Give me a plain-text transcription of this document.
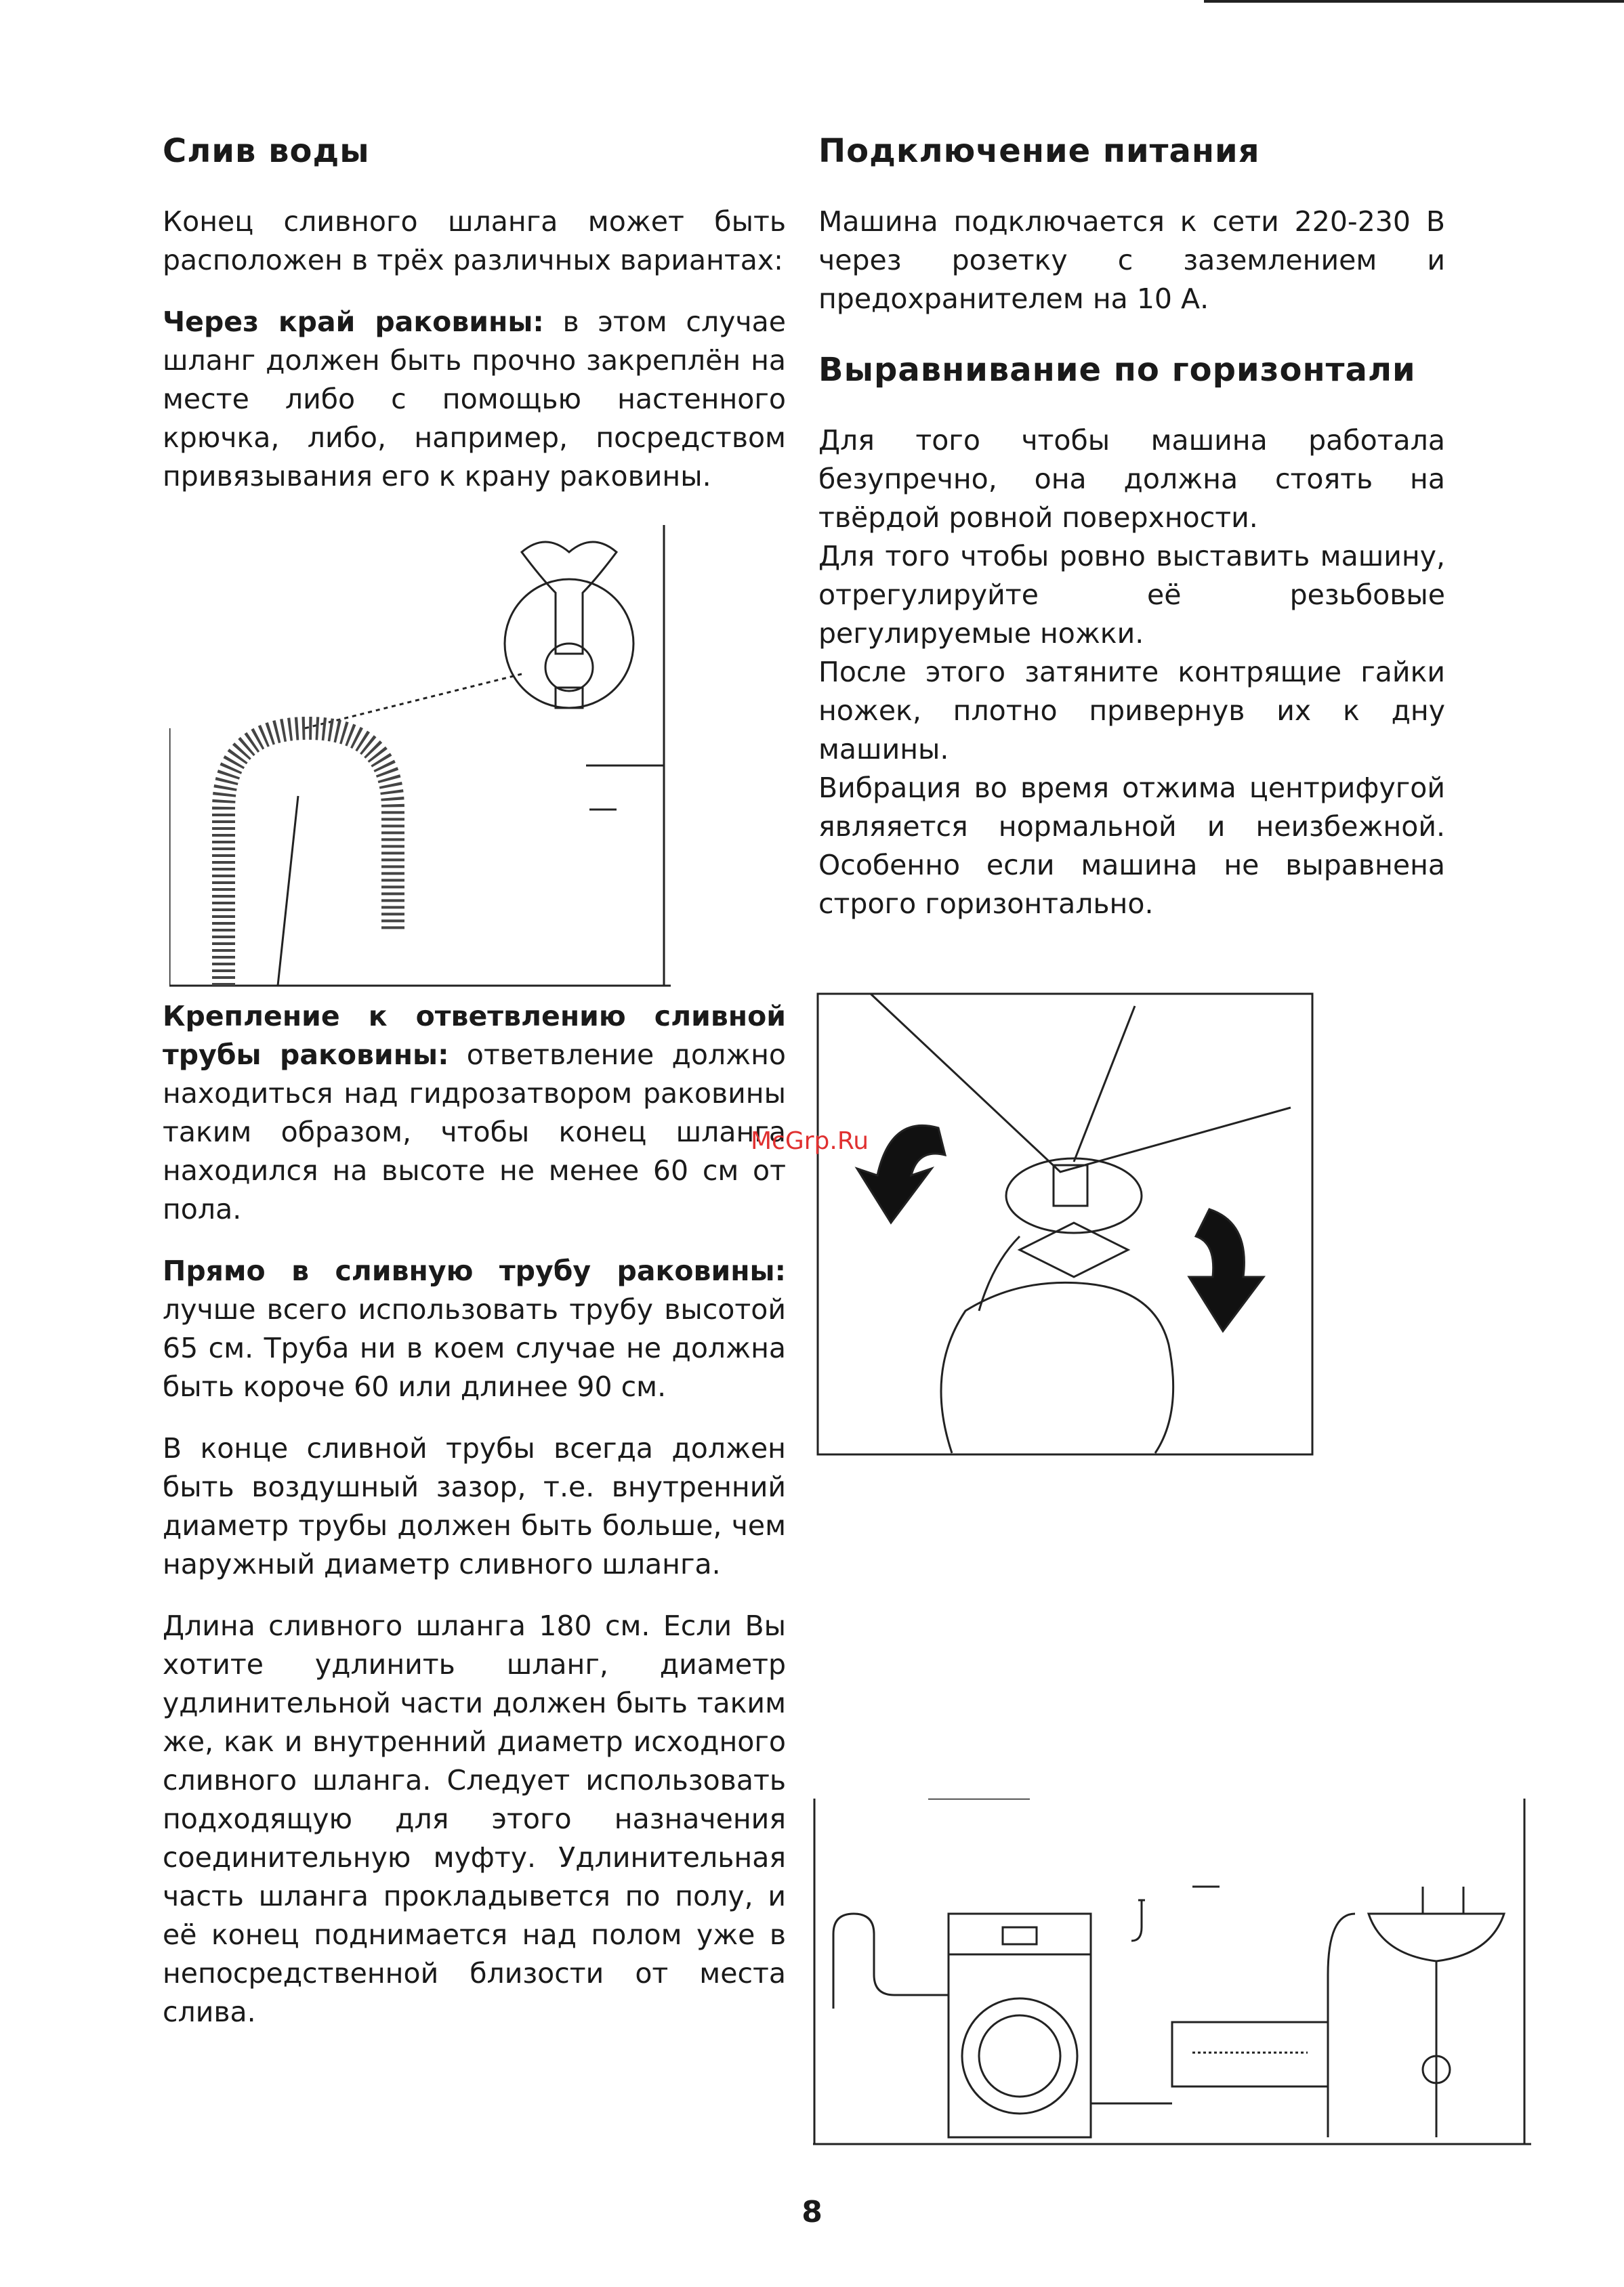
Слив воды

Конец сливного шланга может быть расположен в трёх различных вариантах:

Через край раковины: в этом случае шланг должен быть прочно закреплён на месте либо с помощью настенного крючка, либо, например, посредством привязывания его к крану раковины.

Крепление к ответвлению сливной трубы раковины: ответвление должно находиться над гидрозатвором раковины таким образом, чтобы конец шланга находился на высоте не менее 60 см от пола.

Прямо в сливную трубу раковины: лучше всего использовать трубу высотой 65 см. Труба ни в коем случае не должна быть короче 60 или длинее 90 см.

В конце сливной трубы всегда должен быть воздушный зазор, т.е. внутренний диаметр трубы должен быть больше, чем наружный диаметр сливного шланга.

Длина сливного шланга 180 см. Если Вы хотите удлинить шланг, диаметр удлинительной части должен быть таким же, как и внутренний диаметр исходного сливного шланга. Следует использовать подходящую для этого назначения соединительную муфту. Удлинительная часть шланга прокладывется по полу, и её конец поднимается над полом уже в непосредственной близости от места слива.

Подключение питания

Машина подключается к сети 220-230 В через розетку с заземлением и предохранителем на 10 А.

Выравнивание по горизонтали

Для того чтобы машина работала безупречно, она должна стоять на твёрдой ровной поверхности.

Для того чтобы ровно выставить машину, отрегулируйте её резьбовые регулируемые ножки.

После этого затяните контрящие гайки ножек, плотно привернув их к дну машины.

Вибрация во время отжима центрифугой являяется нормальной и неизбежной. Особенно если машина не выравнена строго горизонтально.

McGrp.Ru
8
